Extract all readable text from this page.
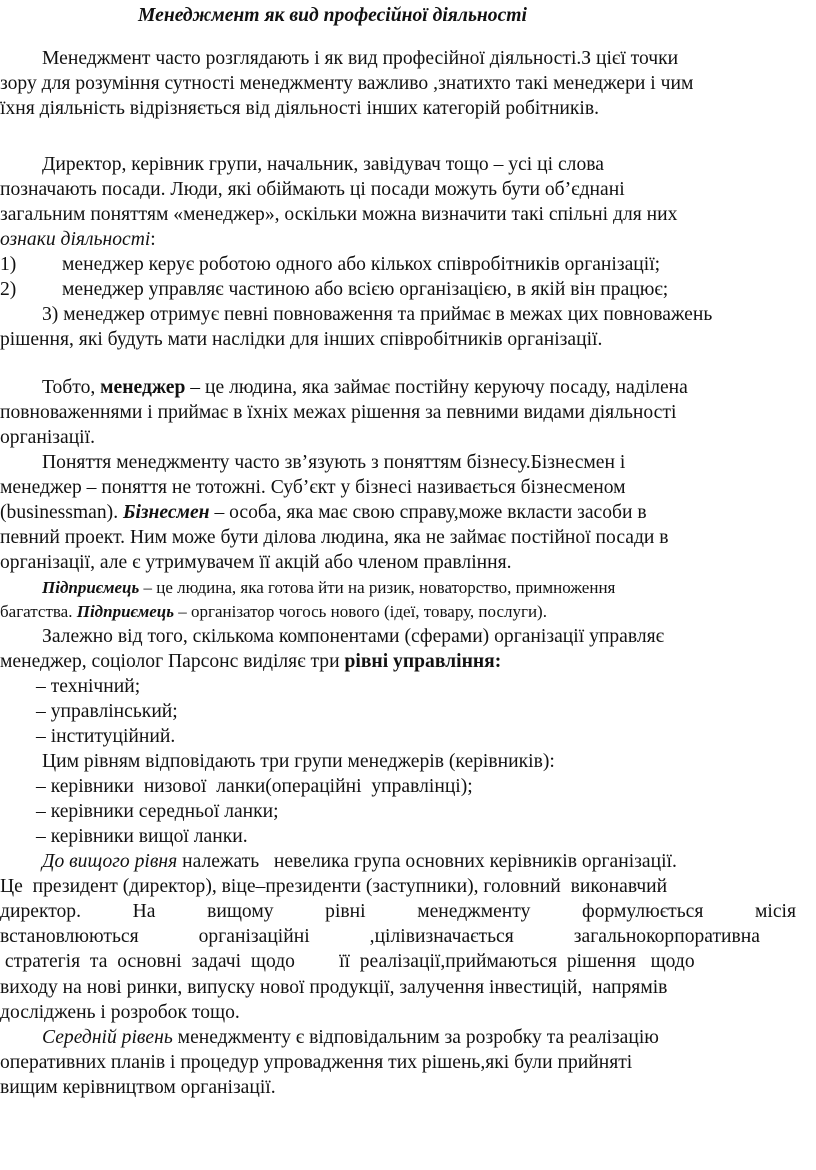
Менеджмент як вид професійної діяльності
Менеджмент часто розглядають і як вид професійної діяльності.З цієї точки
зору для розуміння сутності менеджменту важливо ,знатихто такі менеджери і чим
їхня діяльність відрізняється від діяльності інших категорій робітників.
Директор, керівник групи, начальник, завідувач тощо – усі ці слова
позначають посади. Люди, які обіймають ці посади можуть бути об’єднані
загальним поняттям «менеджер», оскільки можна визначити такі спільні для них
ознаки діяльності:
1) менеджер керує роботою одного або кількох співробітників організації;
2) менеджер управляє частиною або всією організацією, в якій він працює;
3) менеджер отримує певні повноваження та приймає в межах цих повноважень
рішення, які будуть мати наслідки для інших співробітників організації.
Тобто, менеджер – це людина, яка займає постійну керуючу посаду, наділена
повноваженнями і приймає в їхніх межах рішення за певними видами діяльності
організації.
Поняття менеджменту часто зв’язують з поняттям бізнесу.Бізнесмен і
менеджер – поняття не тотожні. Суб’єкт у бізнесі називається бізнесменом
(businessman). Бізнесмен – особа, яка має свою справу,може вкласти засоби в
певний проект. Ним може бути ділова людина, яка не займає постійної посади в
організації, але є утримувачем її акцій або членом правління.
Підприємець – це людина, яка готова йти на ризик, новаторство, примноження
багатства. Підприємець – організатор чогось нового (ідеї, товару, послуги).
Залежно від того, скількома компонентами (сферами) організації управляє
менеджер, соціолог Парсонс виділяє три рівні управління:
– технічний;
– управлінський;
– інституційний.
Цим рівням відповідають три групи менеджерів (керівників):
– керівники  низової  ланки(операційні  управлінці);
– керівники середньої ланки;
– керівники вищої ланки.
До вищого рівня належать   невелика група основних керівників організації.
Це  президент (директор), віце–президенти (заступники), головний  виконавчий
директор.	На	вищому	рівні	менеджменту	формулюється	місія
встановлюються	організаційні	,цілівизначається	загальнокорпоративна
стратегія  та  основні  задачі  щодо         її  реалізації,приймаються  рішення   щодо
виходу на нові ринки, випуску нової продукції, залучення інвестицій,  напрямів
досліджень і розробок тощо.
Середній рівень менеджменту є відповідальним за розробку та реалізацію
оперативних планів і процедур упровадження тих рішень,які були прийняті
вищим керівництвом організації.
